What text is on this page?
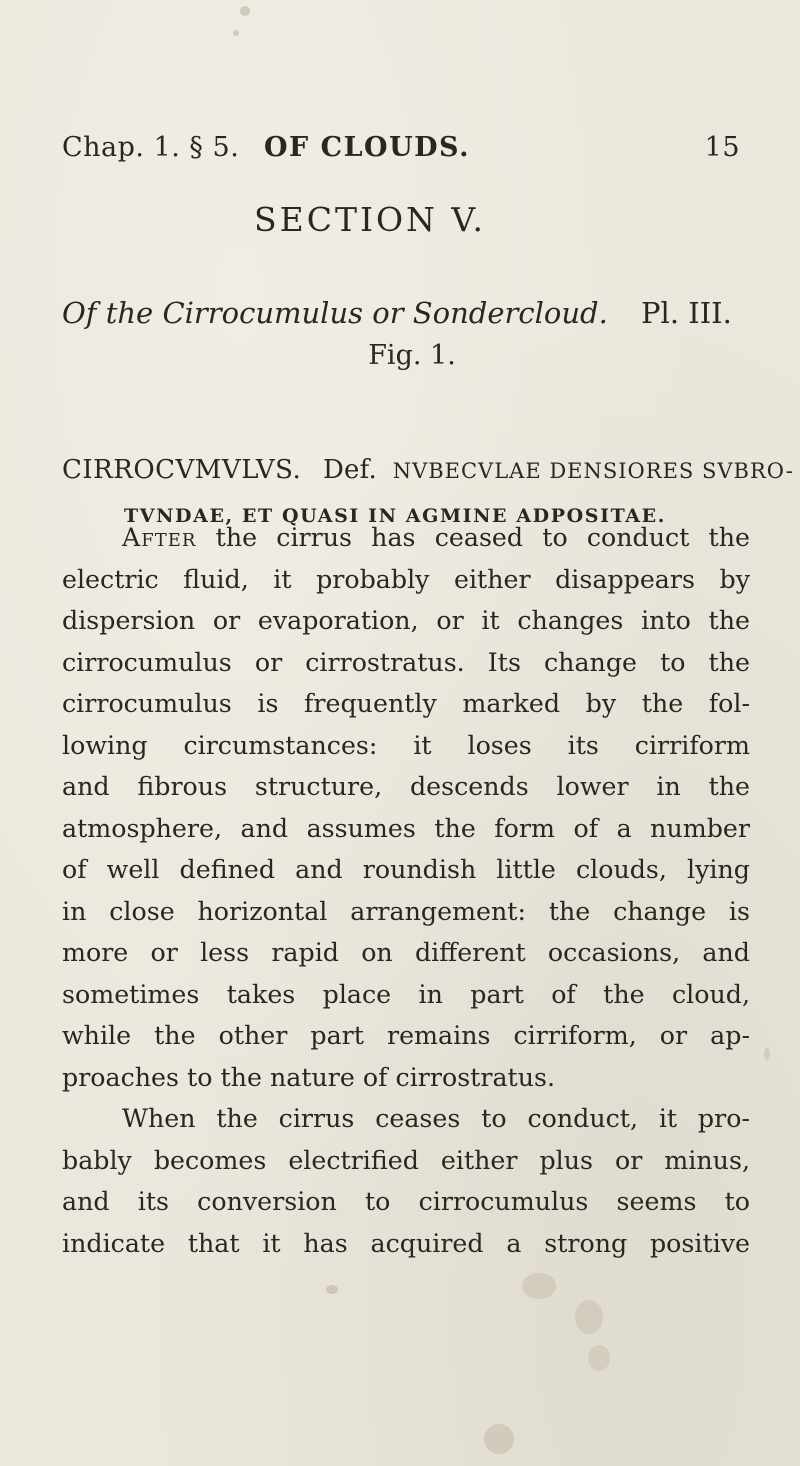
Chap. 1. § 5. OF CLOUDS.	15
SECTION V.
Of the Cirrocumulus or Sondercloud. Pl. III.
Fig. 1.
CIRROCVMVLVS. Def. NVBECVLAE DENSIORES SVBRO-
TVNDAE, ET QUASI IN AGMINE ADPOSITAE.
After the cirrus has ceased to conduct the
electric fluid, it probably either disappears by
dispersion or evaporation, or it changes into the
cirrocumulus or cirrostratus. Its change to the
cirrocumulus is frequently marked by the fol-
lowing circumstances: it loses its cirriform
and fibrous structure, descends lower in the
atmosphere, and assumes the form of a number
of well defined and roundish little clouds, lying
in close horizontal arrangement: the change is
more or less rapid on different occasions, and
sometimes takes place in part of the cloud,
while the other part remains cirriform, or ap-
proaches to the nature of cirrostratus.
When the cirrus ceases to conduct, it pro-
bably becomes electrified either plus or minus,
and its conversion to cirrocumulus seems to
indicate that it has acquired a strong positive
